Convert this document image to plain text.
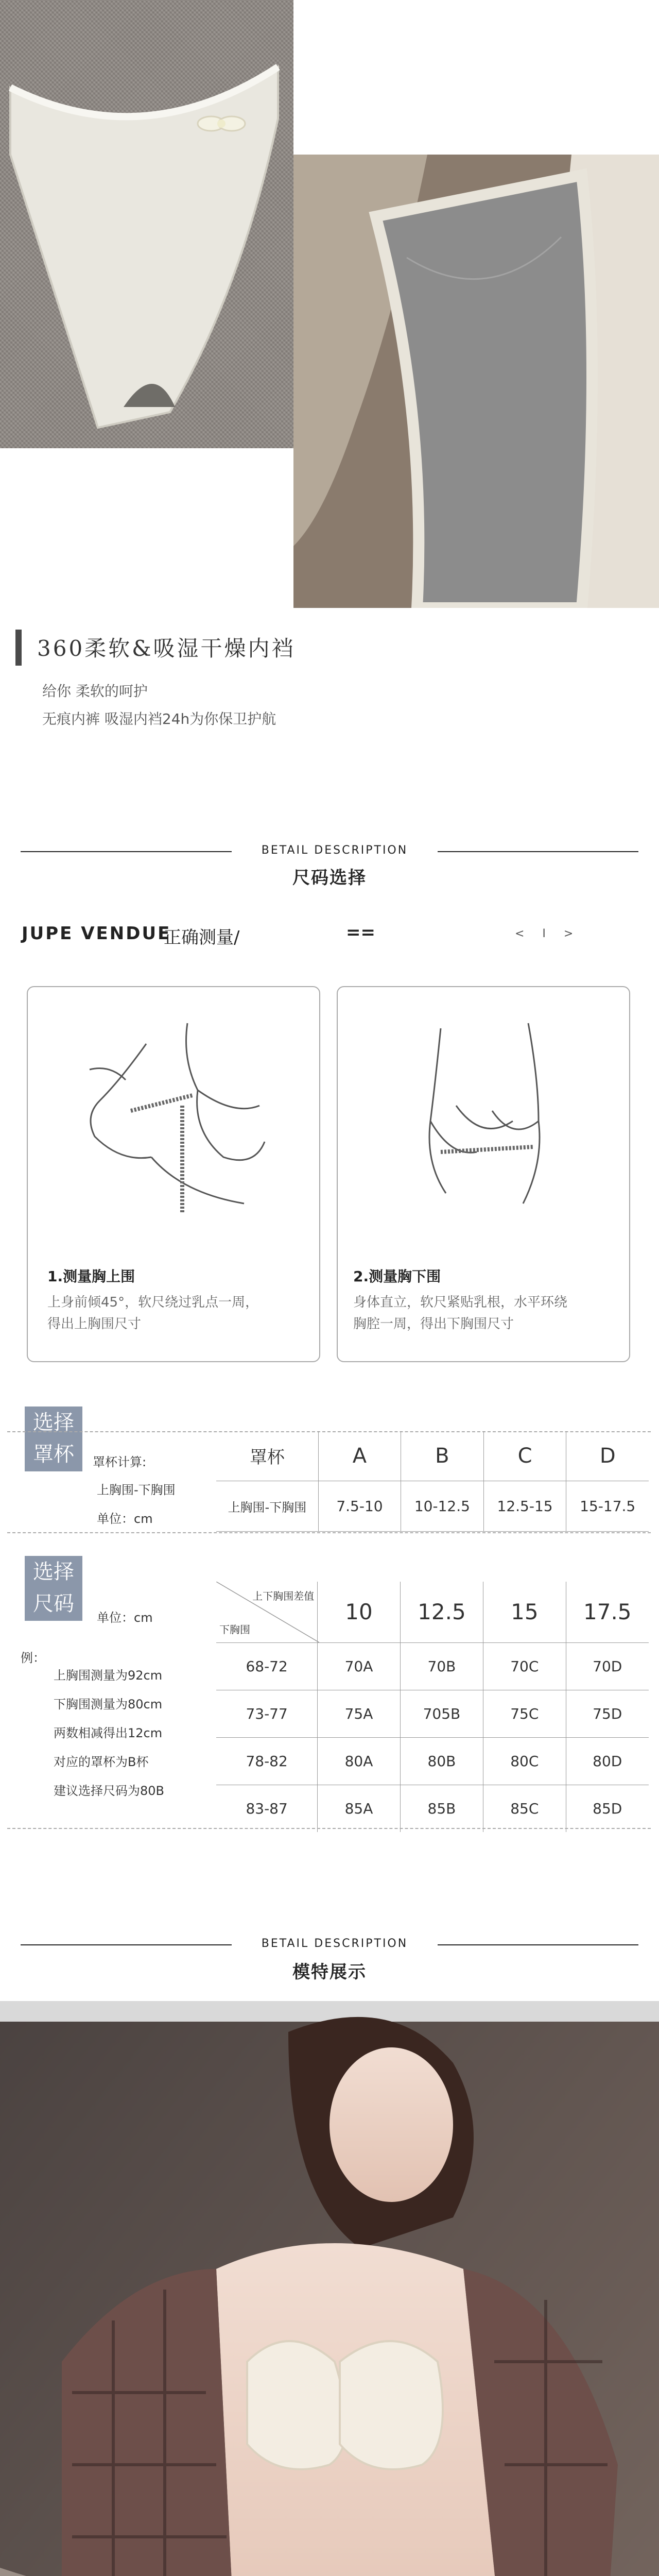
360柔软&吸湿干燥内裆
给你 柔软的呵护
无痕内裤 吸湿内裆24h为你保卫护航
BETAIL DESCRIPTION
尺码选择
JUPE VENDUE
正确测量/	==	< I >
1.测量胸上围
上身前倾45°，软尺绕过乳点一周，
得出上胸围尺寸
2.测量胸下围
身体直立，软尺紧贴乳根，水平环绕
胸腔一周，得出下胸围尺寸
选择
罩杯	罩杯计算:
上胸围-下胸围
单位：cm
罩杯	A	B	C	D
上胸围-下胸围	7.5-10	10-12.5	12.5-15	15-17.5
选择
尺码
单位：cm
例：
上胸围测量为92cm
下胸围测量为80cm
两数相减得出12cm
对应的罩杯为B杯
建议选择尺码为80B
上下胸围差值
下胸围	10	12.5	15	17.5
68-72	70A	70B	70C	70D
73-77	75A	705B	75C	75D
78-82	80A	80B	80C	80D
83-87	85A	85B	85C	85D
BETAIL DESCRIPTION
模特展示
